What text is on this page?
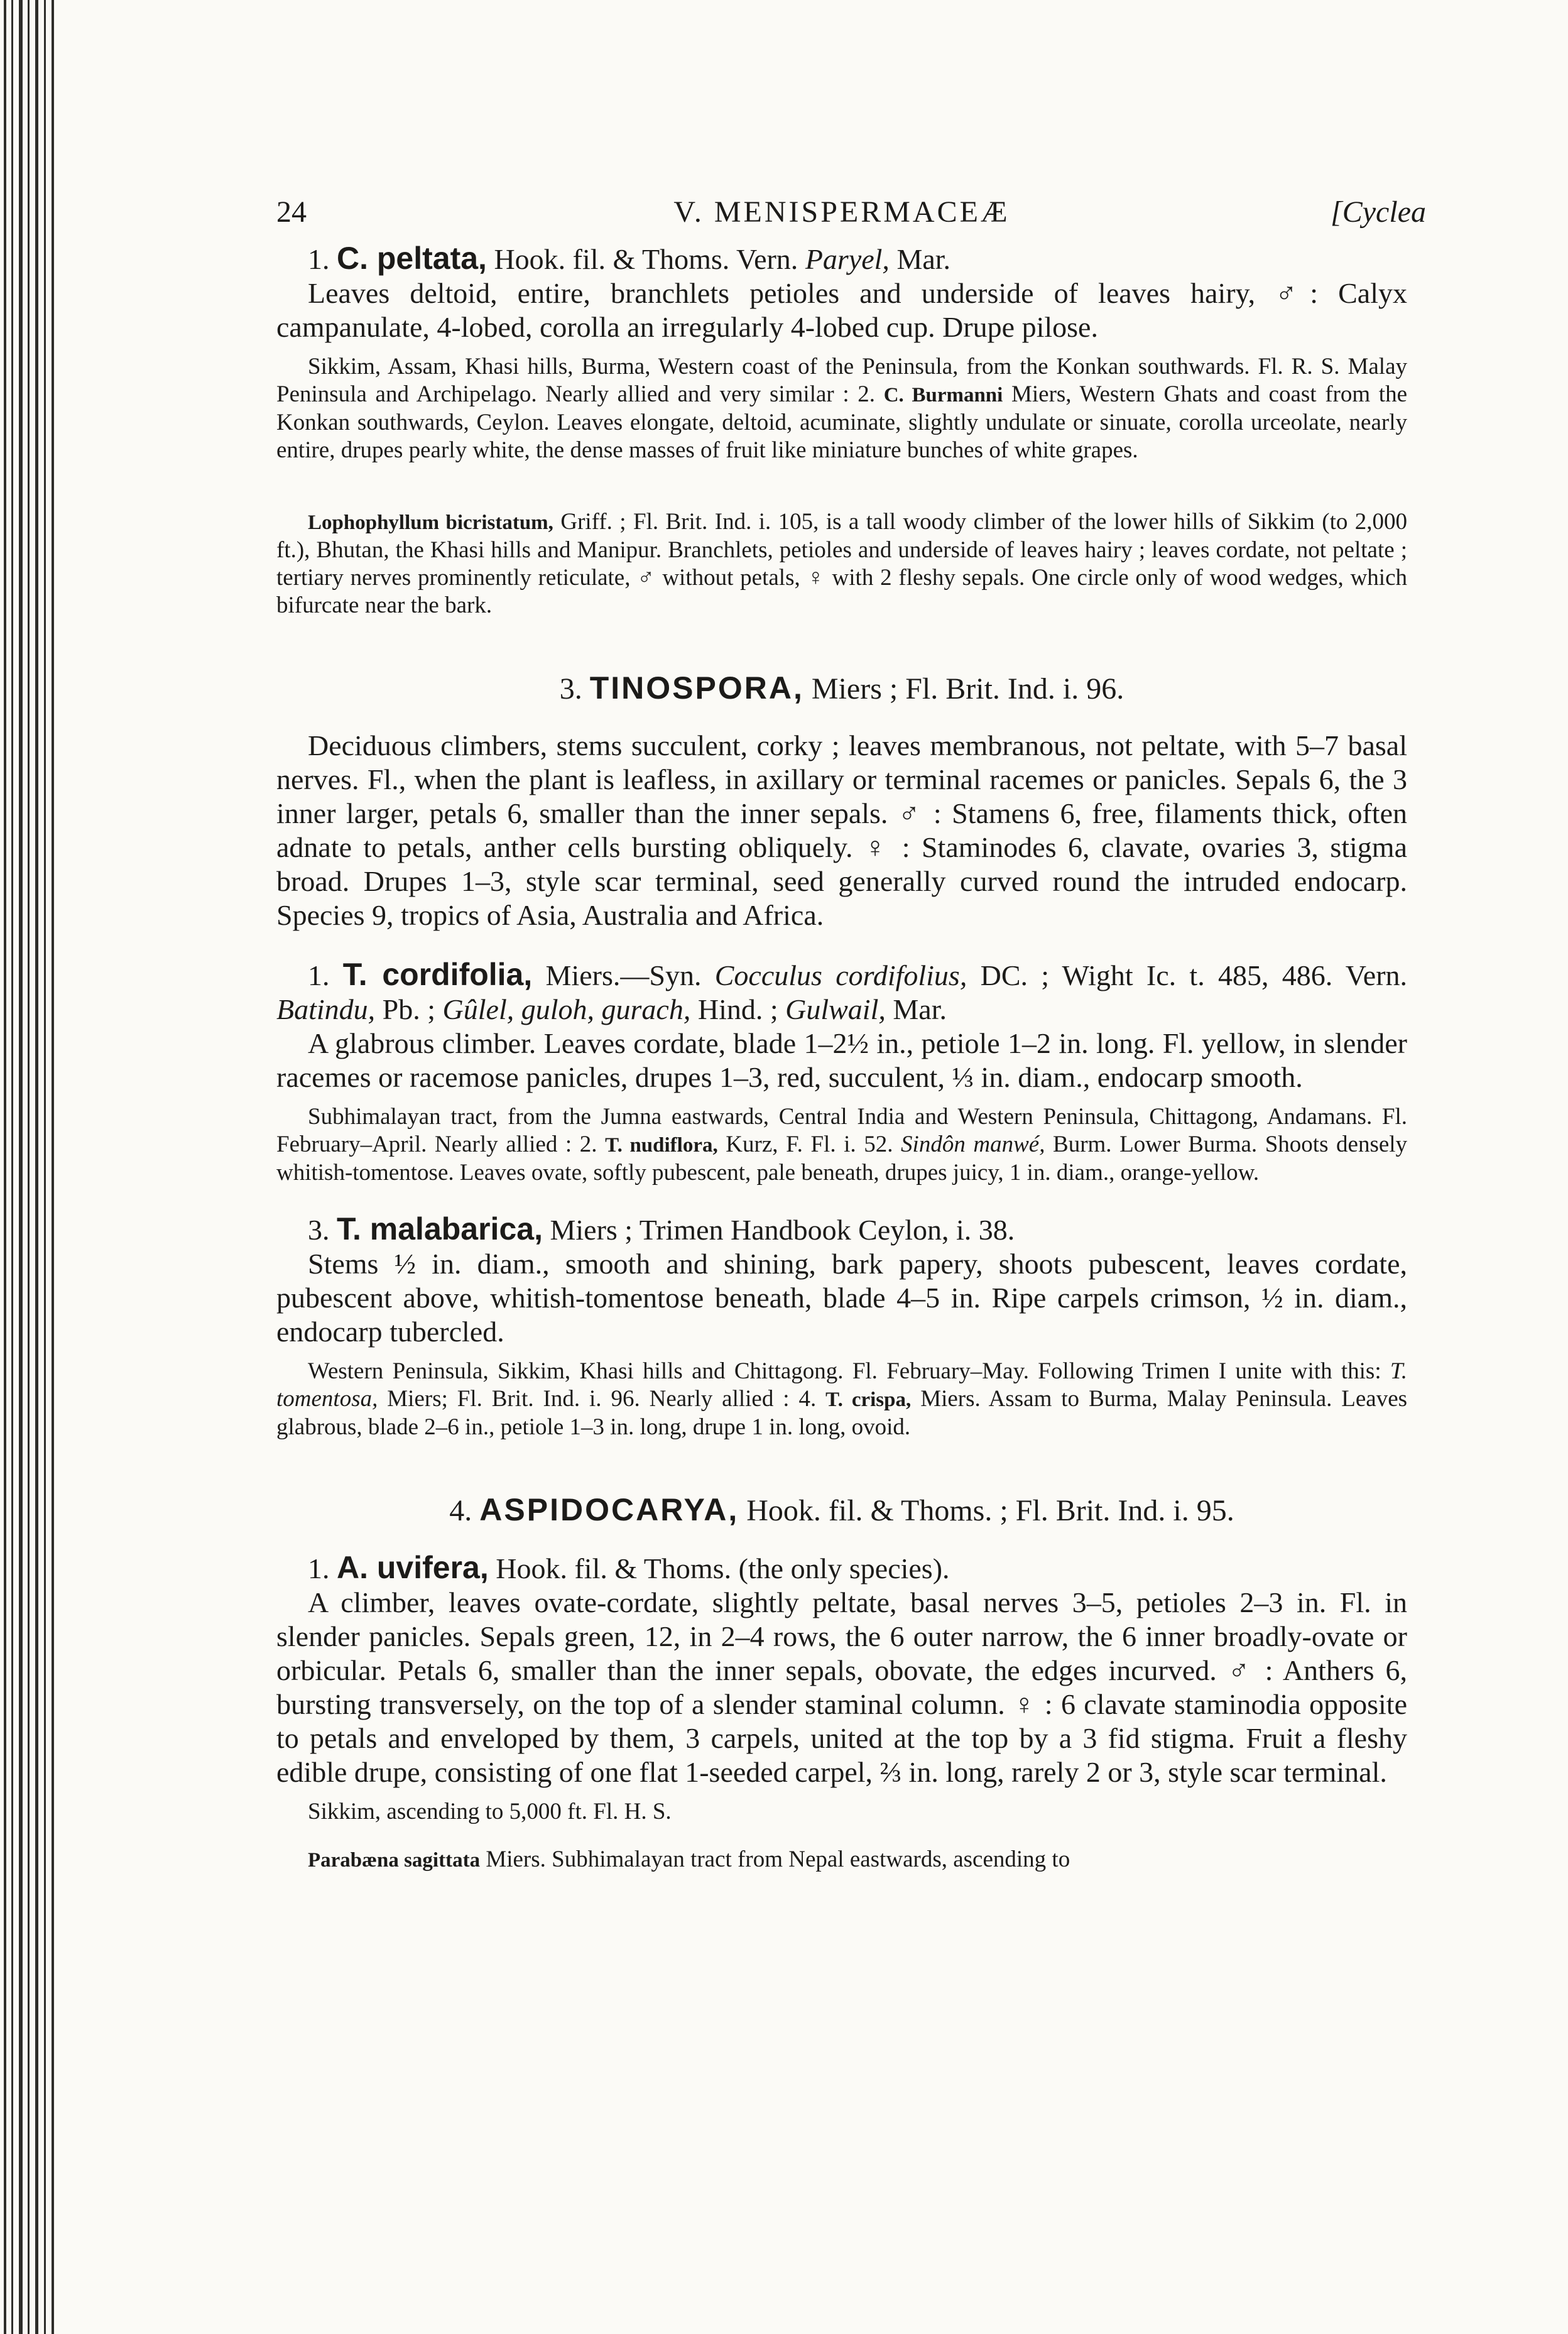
24	V. MENISPERMACEÆ	[Cyclea

1. C. peltata, Hook. fil. & Thoms. Vern. Paryel, Mar.

Leaves deltoid, entire, branchlets petioles and underside of leaves hairy, ♂: Calyx campanulate, 4-lobed, corolla an irregularly 4-lobed cup. Drupe pilose.

Sikkim, Assam, Khasi hills, Burma, Western coast of the Peninsula, from the Konkan southwards. Fl. R. S. Malay Peninsula and Archipelago. Nearly allied and very similar : 2. C. Burmanni Miers, Western Ghats and coast from the Konkan southwards, Ceylon. Leaves elongate, deltoid, acuminate, slightly undulate or sinuate, corolla urceolate, nearly entire, drupes pearly white, the dense masses of fruit like miniature bunches of white grapes.

Lophophyllum bicristatum, Griff. ; Fl. Brit. Ind. i. 105, is a tall woody climber of the lower hills of Sikkim (to 2,000 ft.), Bhutan, the Khasi hills and Manipur. Branchlets, petioles and underside of leaves hairy ; leaves cordate, not peltate ; tertiary nerves prominently reticulate, ♂ without petals, ♀ with 2 fleshy sepals. One circle only of wood wedges, which bifurcate near the bark.

3. TINOSPORA, Miers ; Fl. Brit. Ind. i. 96.

Deciduous climbers, stems succulent, corky ; leaves membranous, not peltate, with 5–7 basal nerves. Fl., when the plant is leafless, in axillary or terminal racemes or panicles. Sepals 6, the 3 inner larger, petals 6, smaller than the inner sepals. ♂ : Stamens 6, free, filaments thick, often adnate to petals, anther cells bursting obliquely. ♀ : Staminodes 6, clavate, ovaries 3, stigma broad. Drupes 1–3, style scar terminal, seed generally curved round the intruded endocarp. Species 9, tropics of Asia, Australia and Africa.

1. T. cordifolia, Miers.—Syn. Cocculus cordifolius, DC. ; Wight Ic. t. 485, 486. Vern. Batindu, Pb. ; Gûlel, guloh, gurach, Hind. ; Gulwail, Mar.

A glabrous climber. Leaves cordate, blade 1–2½ in., petiole 1–2 in. long. Fl. yellow, in slender racemes or racemose panicles, drupes 1–3, red, succulent, ⅓ in. diam., endocarp smooth.

Subhimalayan tract, from the Jumna eastwards, Central India and Western Peninsula, Chittagong, Andamans. Fl. February–April. Nearly allied : 2. T. nudiflora, Kurz, F. Fl. i. 52. Sindôn manwé, Burm. Lower Burma. Shoots densely whitish-tomentose. Leaves ovate, softly pubescent, pale beneath, drupes juicy, 1 in. diam., orange-yellow.

3. T. malabarica, Miers ; Trimen Handbook Ceylon, i. 38.

Stems ½ in. diam., smooth and shining, bark papery, shoots pubescent, leaves cordate, pubescent above, whitish-tomentose beneath, blade 4–5 in. Ripe carpels crimson, ½ in. diam., endocarp tubercled.

Western Peninsula, Sikkim, Khasi hills and Chittagong. Fl. February–May. Following Trimen I unite with this: T. tomentosa, Miers; Fl. Brit. Ind. i. 96. Nearly allied : 4. T. crispa, Miers. Assam to Burma, Malay Peninsula. Leaves glabrous, blade 2–6 in., petiole 1–3 in. long, drupe 1 in. long, ovoid.

4. ASPIDOCARYA, Hook. fil. & Thoms. ; Fl. Brit. Ind. i. 95.

1. A. uvifera, Hook. fil. & Thoms. (the only species).

A climber, leaves ovate-cordate, slightly peltate, basal nerves 3–5, petioles 2–3 in. Fl. in slender panicles. Sepals green, 12, in 2–4 rows, the 6 outer narrow, the 6 inner broadly-ovate or orbicular. Petals 6, smaller than the inner sepals, obovate, the edges incurved. ♂ : Anthers 6, bursting transversely, on the top of a slender staminal column. ♀ : 6 clavate staminodia opposite to petals and enveloped by them, 3 carpels, united at the top by a 3 fid stigma. Fruit a fleshy edible drupe, consisting of one flat 1-seeded carpel, ⅔ in. long, rarely 2 or 3, style scar terminal.

Sikkim, ascending to 5,000 ft. Fl. H. S.

Parabæna sagittata Miers. Subhimalayan tract from Nepal eastwards, ascending to
